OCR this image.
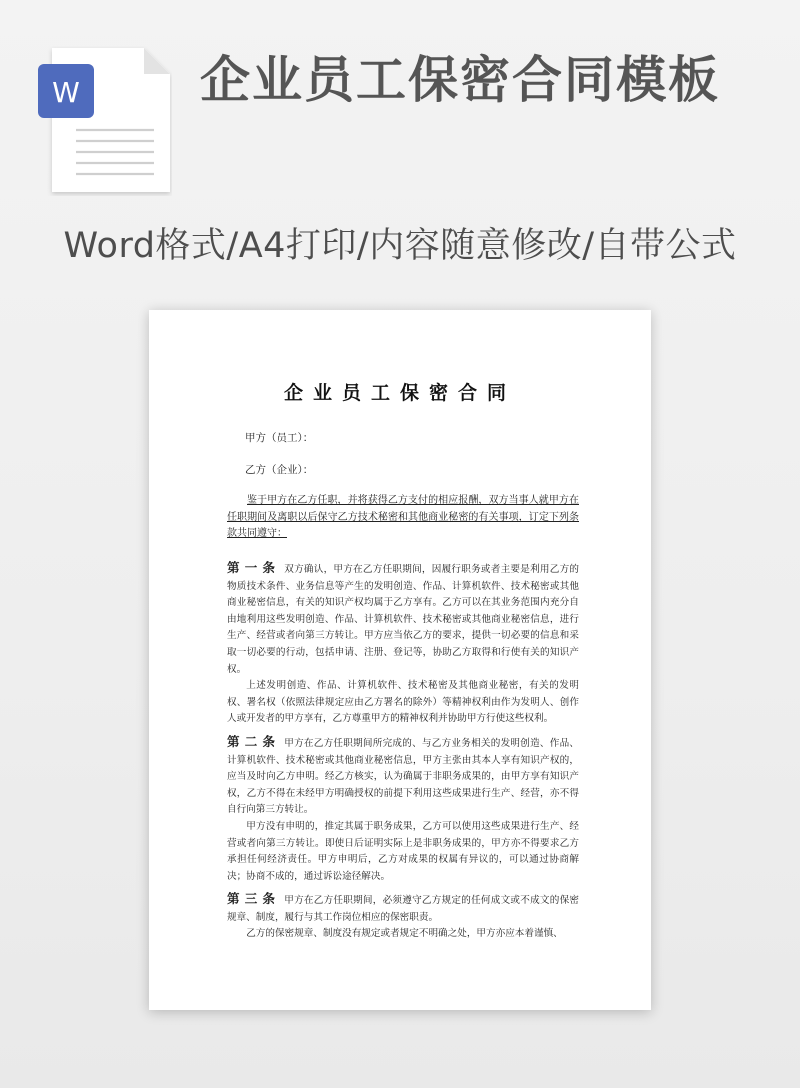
W 企业员工保密合同模板
Word格式/A4打印/内容随意修改/自带公式
企业员工保密合同
甲方（员工）：
乙方（企业）：
鉴于甲方在乙方任职，并将获得乙方支付的相应报酬，双方当事人就甲方在任职期间及离职以后保守乙方技术秘密和其他商业秘密的有关事项，订定下列条款共同遵守：

第一条 双方确认，甲方在乙方任职期间，因履行职务或者主要是利用乙方的物质技术条件、业务信息等产生的发明创造、作品、计算机软件、技术秘密或其他商业秘密信息，有关的知识产权均属于乙方享有。乙方可以在其业务范围内充分自由地利用这些发明创造、作品、计算机软件、技术秘密或其他商业秘密信息，进行生产、经营或者向第三方转让。甲方应当依乙方的要求，提供一切必要的信息和采取一切必要的行动，包括申请、注册、登记等，协助乙方取得和行使有关的知识产权。

上述发明创造、作品、计算机软件、技术秘密及其他商业秘密，有关的发明权、署名权（依照法律规定应由乙方署名的除外）等精神权利由作为发明人、创作人或开发者的甲方享有，乙方尊重甲方的精神权利并协助甲方行使这些权利。

第二条 甲方在乙方任职期间所完成的、与乙方业务相关的发明创造、作品、计算机软件、技术秘密或其他商业秘密信息，甲方主张由其本人享有知识产权的，应当及时向乙方申明。经乙方核实，认为确属于非职务成果的，由甲方享有知识产权，乙方不得在未经甲方明确授权的前提下利用这些成果进行生产、经营，亦不得自行向第三方转让。

甲方没有申明的，推定其属于职务成果，乙方可以使用这些成果进行生产、经营或者向第三方转让。即使日后证明实际上是非职务成果的，甲方亦不得要求乙方承担任何经济责任。甲方申明后，乙方对成果的权属有异议的，可以通过协商解决；协商不成的，通过诉讼途径解决。

第三条 甲方在乙方任职期间，必须遵守乙方规定的任何成文或不成文的保密规章、制度，履行与其工作岗位相应的保密职责。

乙方的保密规章、制度没有规定或者规定不明确之处，甲方亦应本着谨慎、
